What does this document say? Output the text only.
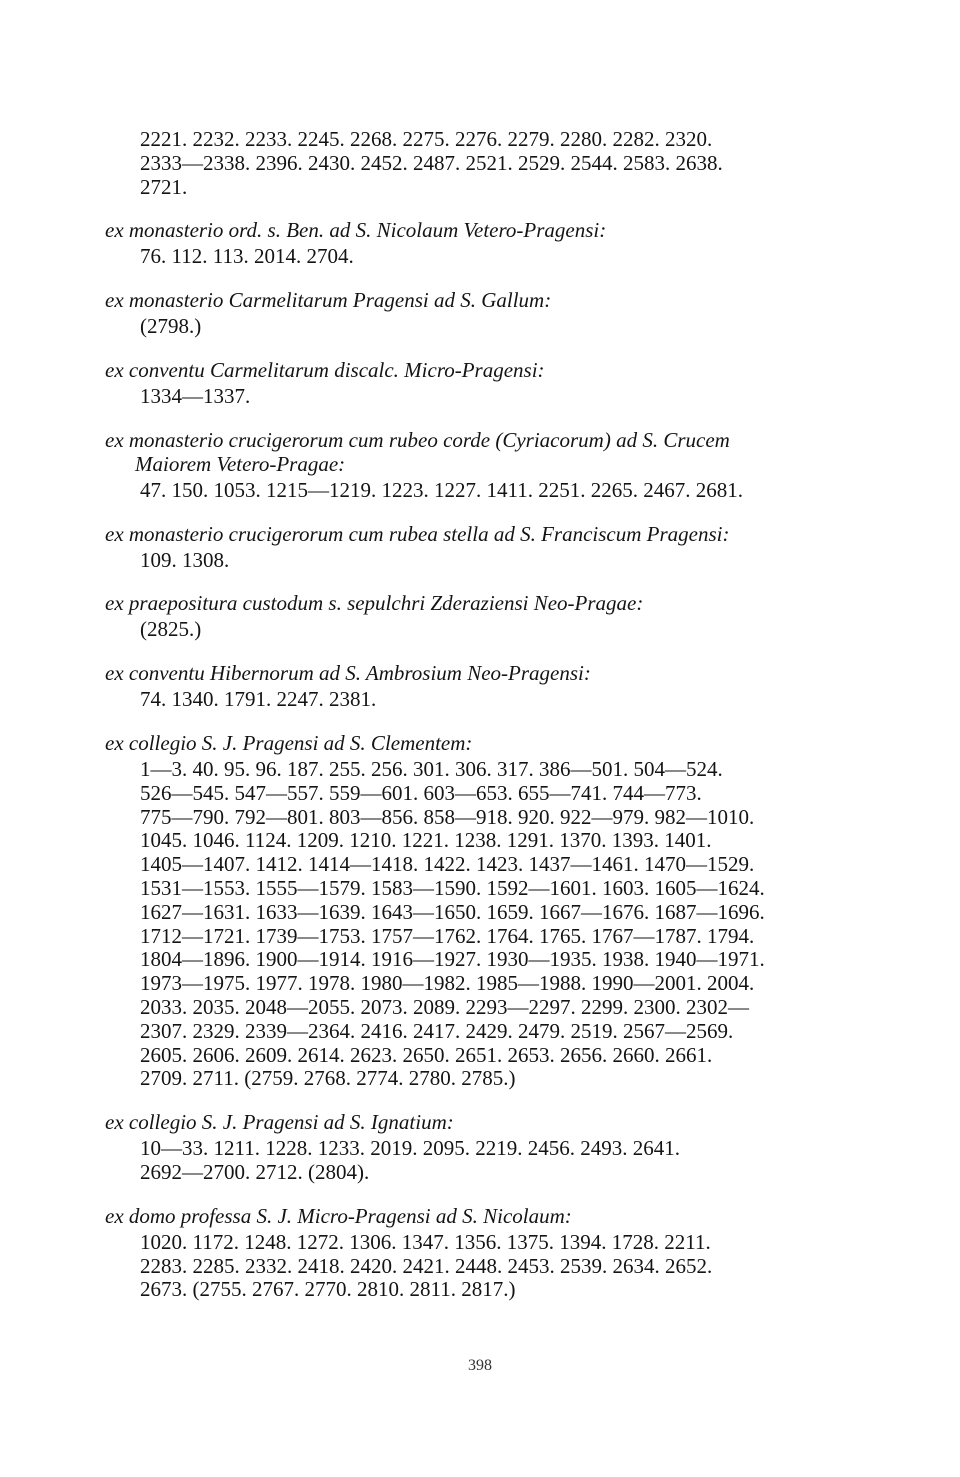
2221. 2232. 2233. 2245. 2268. 2275. 2276. 2279. 2280. 2282. 2320.
2333—2338. 2396. 2430. 2452. 2487. 2521. 2529. 2544. 2583. 2638.
2721.
ex monasterio ord. s. Ben. ad S. Nicolaum Vetero-Pragensi:
76. 112. 113. 2014. 2704.
ex monasterio Carmelitarum Pragensi ad S. Gallum:
(2798.)
ex conventu Carmelitarum discalc. Micro-Pragensi:
1334—1337.
ex monasterio crucigerorum cum rubeo corde (Cyriacorum) ad S. Crucem
Maiorem Vetero-Pragae:
47. 150. 1053. 1215—1219. 1223. 1227. 1411. 2251. 2265. 2467. 2681.
ex monasterio crucigerorum cum rubea stella ad S. Franciscum Pragensi:
109. 1308.
ex praepositura custodum s. sepulchri Zderaziensi Neo-Pragae:
(2825.)
ex conventu Hibernorum ad S. Ambrosium Neo-Pragensi:
74. 1340. 1791. 2247. 2381.
ex collegio S. J. Pragensi ad S. Clementem:
1—3. 40. 95. 96. 187. 255. 256. 301. 306. 317. 386—501. 504—524.
526—545. 547—557. 559—601. 603—653. 655—741. 744—773.
775—790. 792—801. 803—856. 858—918. 920. 922—979. 982—1010.
1045. 1046. 1124. 1209. 1210. 1221. 1238. 1291. 1370. 1393. 1401.
1405—1407. 1412. 1414—1418. 1422. 1423. 1437—1461. 1470—1529.
1531—1553. 1555—1579. 1583—1590. 1592—1601. 1603. 1605—1624.
1627—1631. 1633—1639. 1643—1650. 1659. 1667—1676. 1687—1696.
1712—1721. 1739—1753. 1757—1762. 1764. 1765. 1767—1787. 1794.
1804—1896. 1900—1914. 1916—1927. 1930—1935. 1938. 1940—1971.
1973—1975. 1977. 1978. 1980—1982. 1985—1988. 1990—2001. 2004.
2033. 2035. 2048—2055. 2073. 2089. 2293—2297. 2299. 2300. 2302—
2307. 2329. 2339—2364. 2416. 2417. 2429. 2479. 2519. 2567—2569.
2605. 2606. 2609. 2614. 2623. 2650. 2651. 2653. 2656. 2660. 2661.
2709. 2711. (2759. 2768. 2774. 2780. 2785.)
ex collegio S. J. Pragensi ad S. Ignatium:
10—33. 1211. 1228. 1233. 2019. 2095. 2219. 2456. 2493. 2641.
2692—2700. 2712. (2804).
ex domo professa S. J. Micro-Pragensi ad S. Nicolaum:
1020. 1172. 1248. 1272. 1306. 1347. 1356. 1375. 1394. 1728. 2211.
2283. 2285. 2332. 2418. 2420. 2421. 2448. 2453. 2539. 2634. 2652.
2673. (2755. 2767. 2770. 2810. 2811. 2817.)
398
